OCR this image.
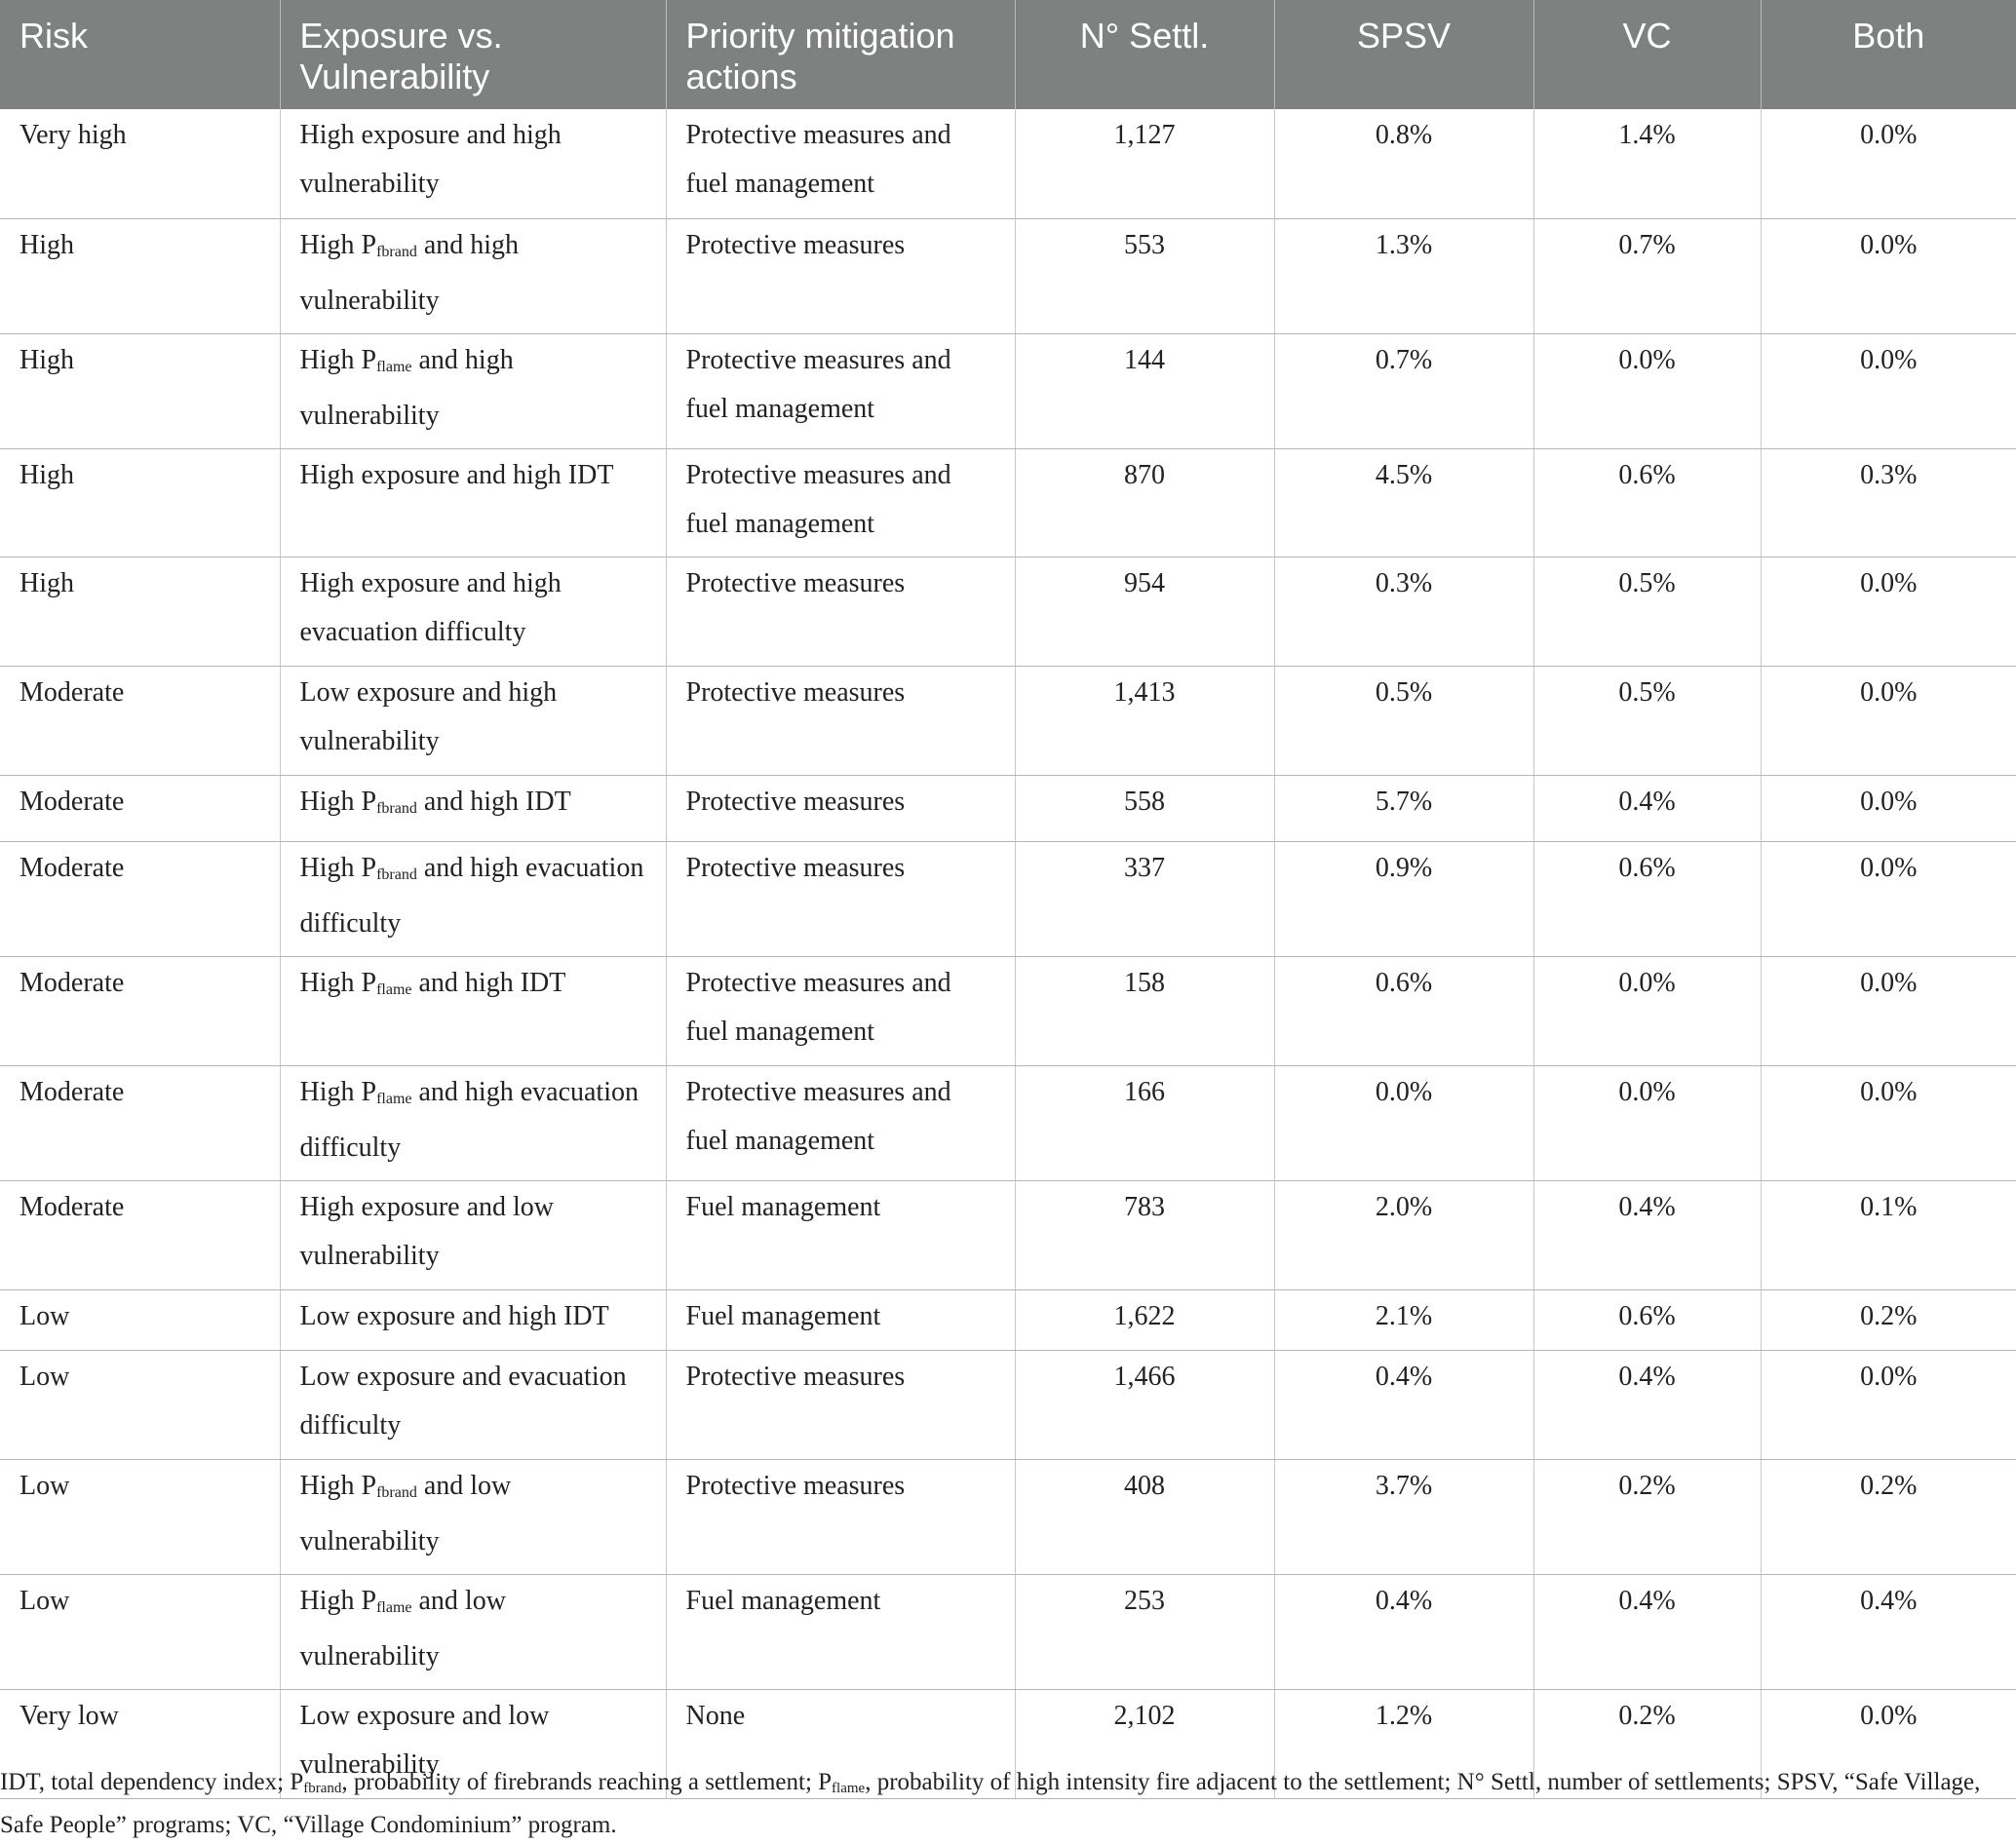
Risk	Exposure vs. Vulnerability	Priority mitigation actions	N° Settl.	SPSV	VC	Both
Very high	High exposure and high vulnerability	Protective measures and fuel management	1,127	0.8%	1.4%	0.0%
High	High Pfbrand and high vulnerability	Protective measures	553	1.3%	0.7%	0.0%
High	High Pflame and high vulnerability	Protective measures and fuel management	144	0.7%	0.0%	0.0%
High	High exposure and high IDT	Protective measures and fuel management	870	4.5%	0.6%	0.3%
High	High exposure and high evacuation difficulty	Protective measures	954	0.3%	0.5%	0.0%
Moderate	Low exposure and high vulnerability	Protective measures	1,413	0.5%	0.5%	0.0%
Moderate	High Pfbrand and high IDT	Protective measures	558	5.7%	0.4%	0.0%
Moderate	High Pfbrand and high evacuation difficulty	Protective measures	337	0.9%	0.6%	0.0%
Moderate	High Pflame and high IDT	Protective measures and fuel management	158	0.6%	0.0%	0.0%
Moderate	High Pflame and high evacuation difficulty	Protective measures and fuel management	166	0.0%	0.0%	0.0%
Moderate	High exposure and low vulnerability	Fuel management	783	2.0%	0.4%	0.1%
Low	Low exposure and high IDT	Fuel management	1,622	2.1%	0.6%	0.2%
Low	Low exposure and evacuation difficulty	Protective measures	1,466	0.4%	0.4%	0.0%
Low	High Pfbrand and low vulnerability	Protective measures	408	3.7%	0.2%	0.2%
Low	High Pflame and low vulnerability	Fuel management	253	0.4%	0.4%	0.4%
Very low	Low exposure and low vulnerability	None	2,102	1.2%	0.2%	0.0%
IDT, total dependency index; $P_{fbrand}$, probability of firebrands reaching a settlement; $P_{flame}$, probability of high intensity fire adjacent to the settlement; N° Settl, number of settlements; SPSV, “Safe Village, Safe People” programs; VC, “Village Condominium” program.
